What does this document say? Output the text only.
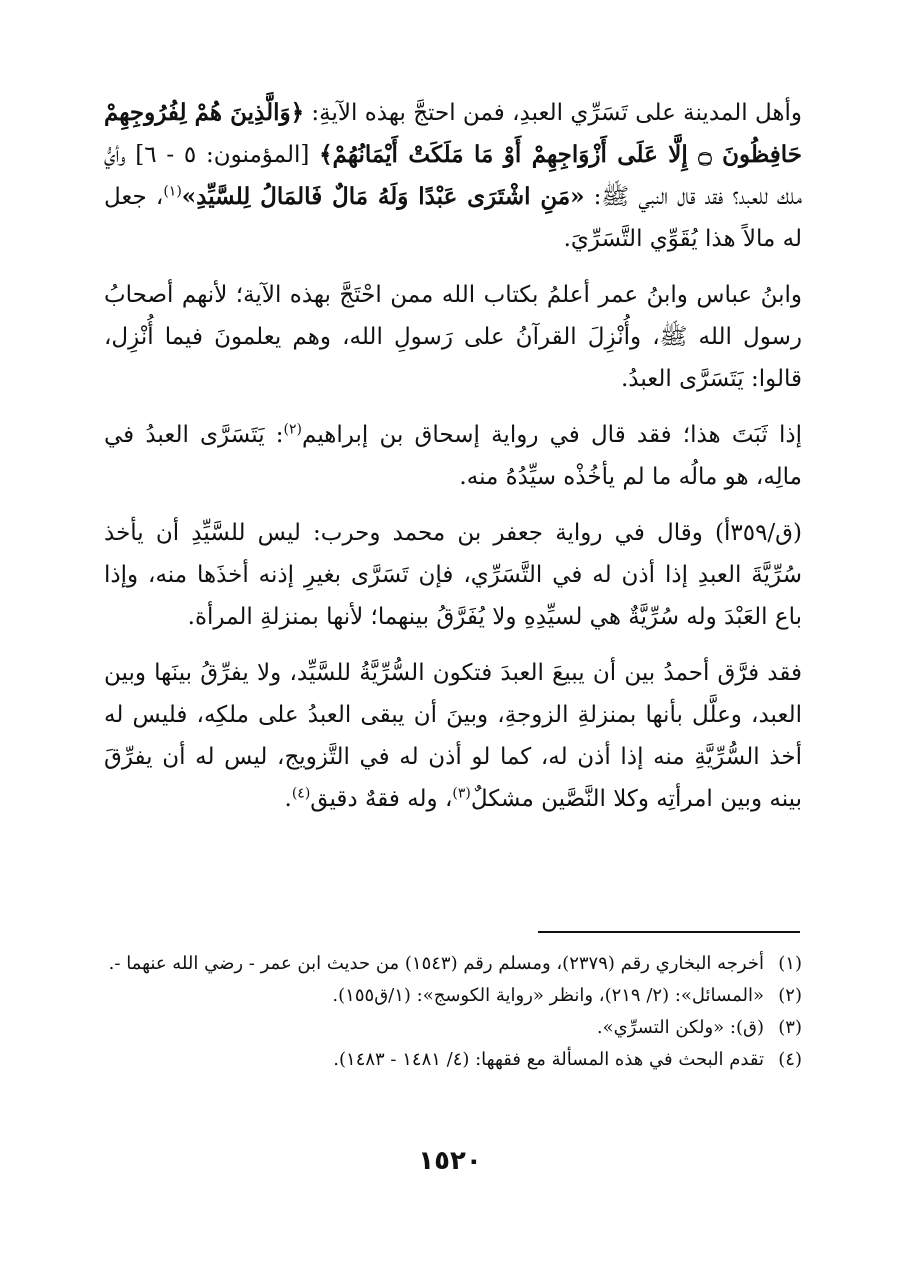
وأهل المدينة على تَسَرِّي العبدِ، فمن احتجَّ بهذه الآيةِ: ﴿وَالَّذِينَ هُمْ لِفُرُوجِهِمْ حَافِظُونَ ۝ إِلَّا عَلَى أَزْوَاجِهِمْ أَوْ مَا مَلَكَتْ أَيْمَانُهُمْ﴾ [المؤمنون: ٥ - ٦] وأيُّ ملك للعبد؟ فقد قال النبي ﷺ: «مَنِ اشْتَرَى عَبْدًا وَلَهُ مَالٌ فَالمَالُ لِلسَّيِّدِ»$^{(١)}$، جعل له مالاً هذا يُقَوِّي التَّسَرِّيَ.

وابنُ عباس وابنُ عمر أعلمُ بكتاب الله ممن احْتَجَّ بهذه الآية؛ لأنهم أصحابُ رسول الله ﷺ، وأُنْزِلَ القرآنُ على رَسولِ الله، وهم يعلمونَ فيما أُنْزِل، قالوا: يَتَسَرَّى العبدُ.

إذا ثَبَتَ هذا؛ فقد قال في رواية إسحاق بن إبراهيم$^{(٢)}$: يَتَسَرَّى العبدُ في مالِه، هو مالُه ما لم يأخُذْه سيِّدُهُ منه.

(ق/٣٥٩أ) وقال في رواية جعفر بن محمد وحرب: ليس للسَّيِّدِ أن يأخذ سُرِّيَّةَ العبدِ إذا أذن له في التَّسَرِّي، فإن تَسَرَّى بغيرِ إذنه أخذَها منه، وإذا باع العَبْدَ وله سُرِّيَّةٌ هي لسيِّدِهِ ولا يُفَرَّقُ بينهما؛ لأنها بمنزلةِ المرأة.

فقد فرَّق أحمدُ بين أن يبيعَ العبدَ فتكون السُّرِّيَّةُ للسَّيِّد، ولا يفرِّقُ بينَها وبين العبد، وعلَّل بأنها بمنزلةِ الزوجةِ، وبينَ أن يبقى العبدُ على ملكِه، فليس له أخذ السُّرِّيَّةِ منه إذا أذن له، كما لو أذن له في التَّزويج، ليس له أن يفرِّقَ بينه وبين امرأتِه وكلا النَّصَّين مشكلٌ$^{(٣)}$، وله فقهٌ دقيق$^{(٤)}$.

(١)
أخرجه البخاري رقم (٢٣٧٩)، ومسلم رقم (١٥٤٣) من حديث ابن عمر - رضي الله عنهما -.

(٢)
«المسائل»: (٢/ ٢١٩)، وانظر «رواية الكوسج»: (١/ق١٥٥).

(٣)
(ق): «ولكن التسرِّي».

(٤)
تقدم البحث في هذه المسألة مع فقهها: (٤/ ١٤٨١ - ١٤٨٣).

١٥٢٠
